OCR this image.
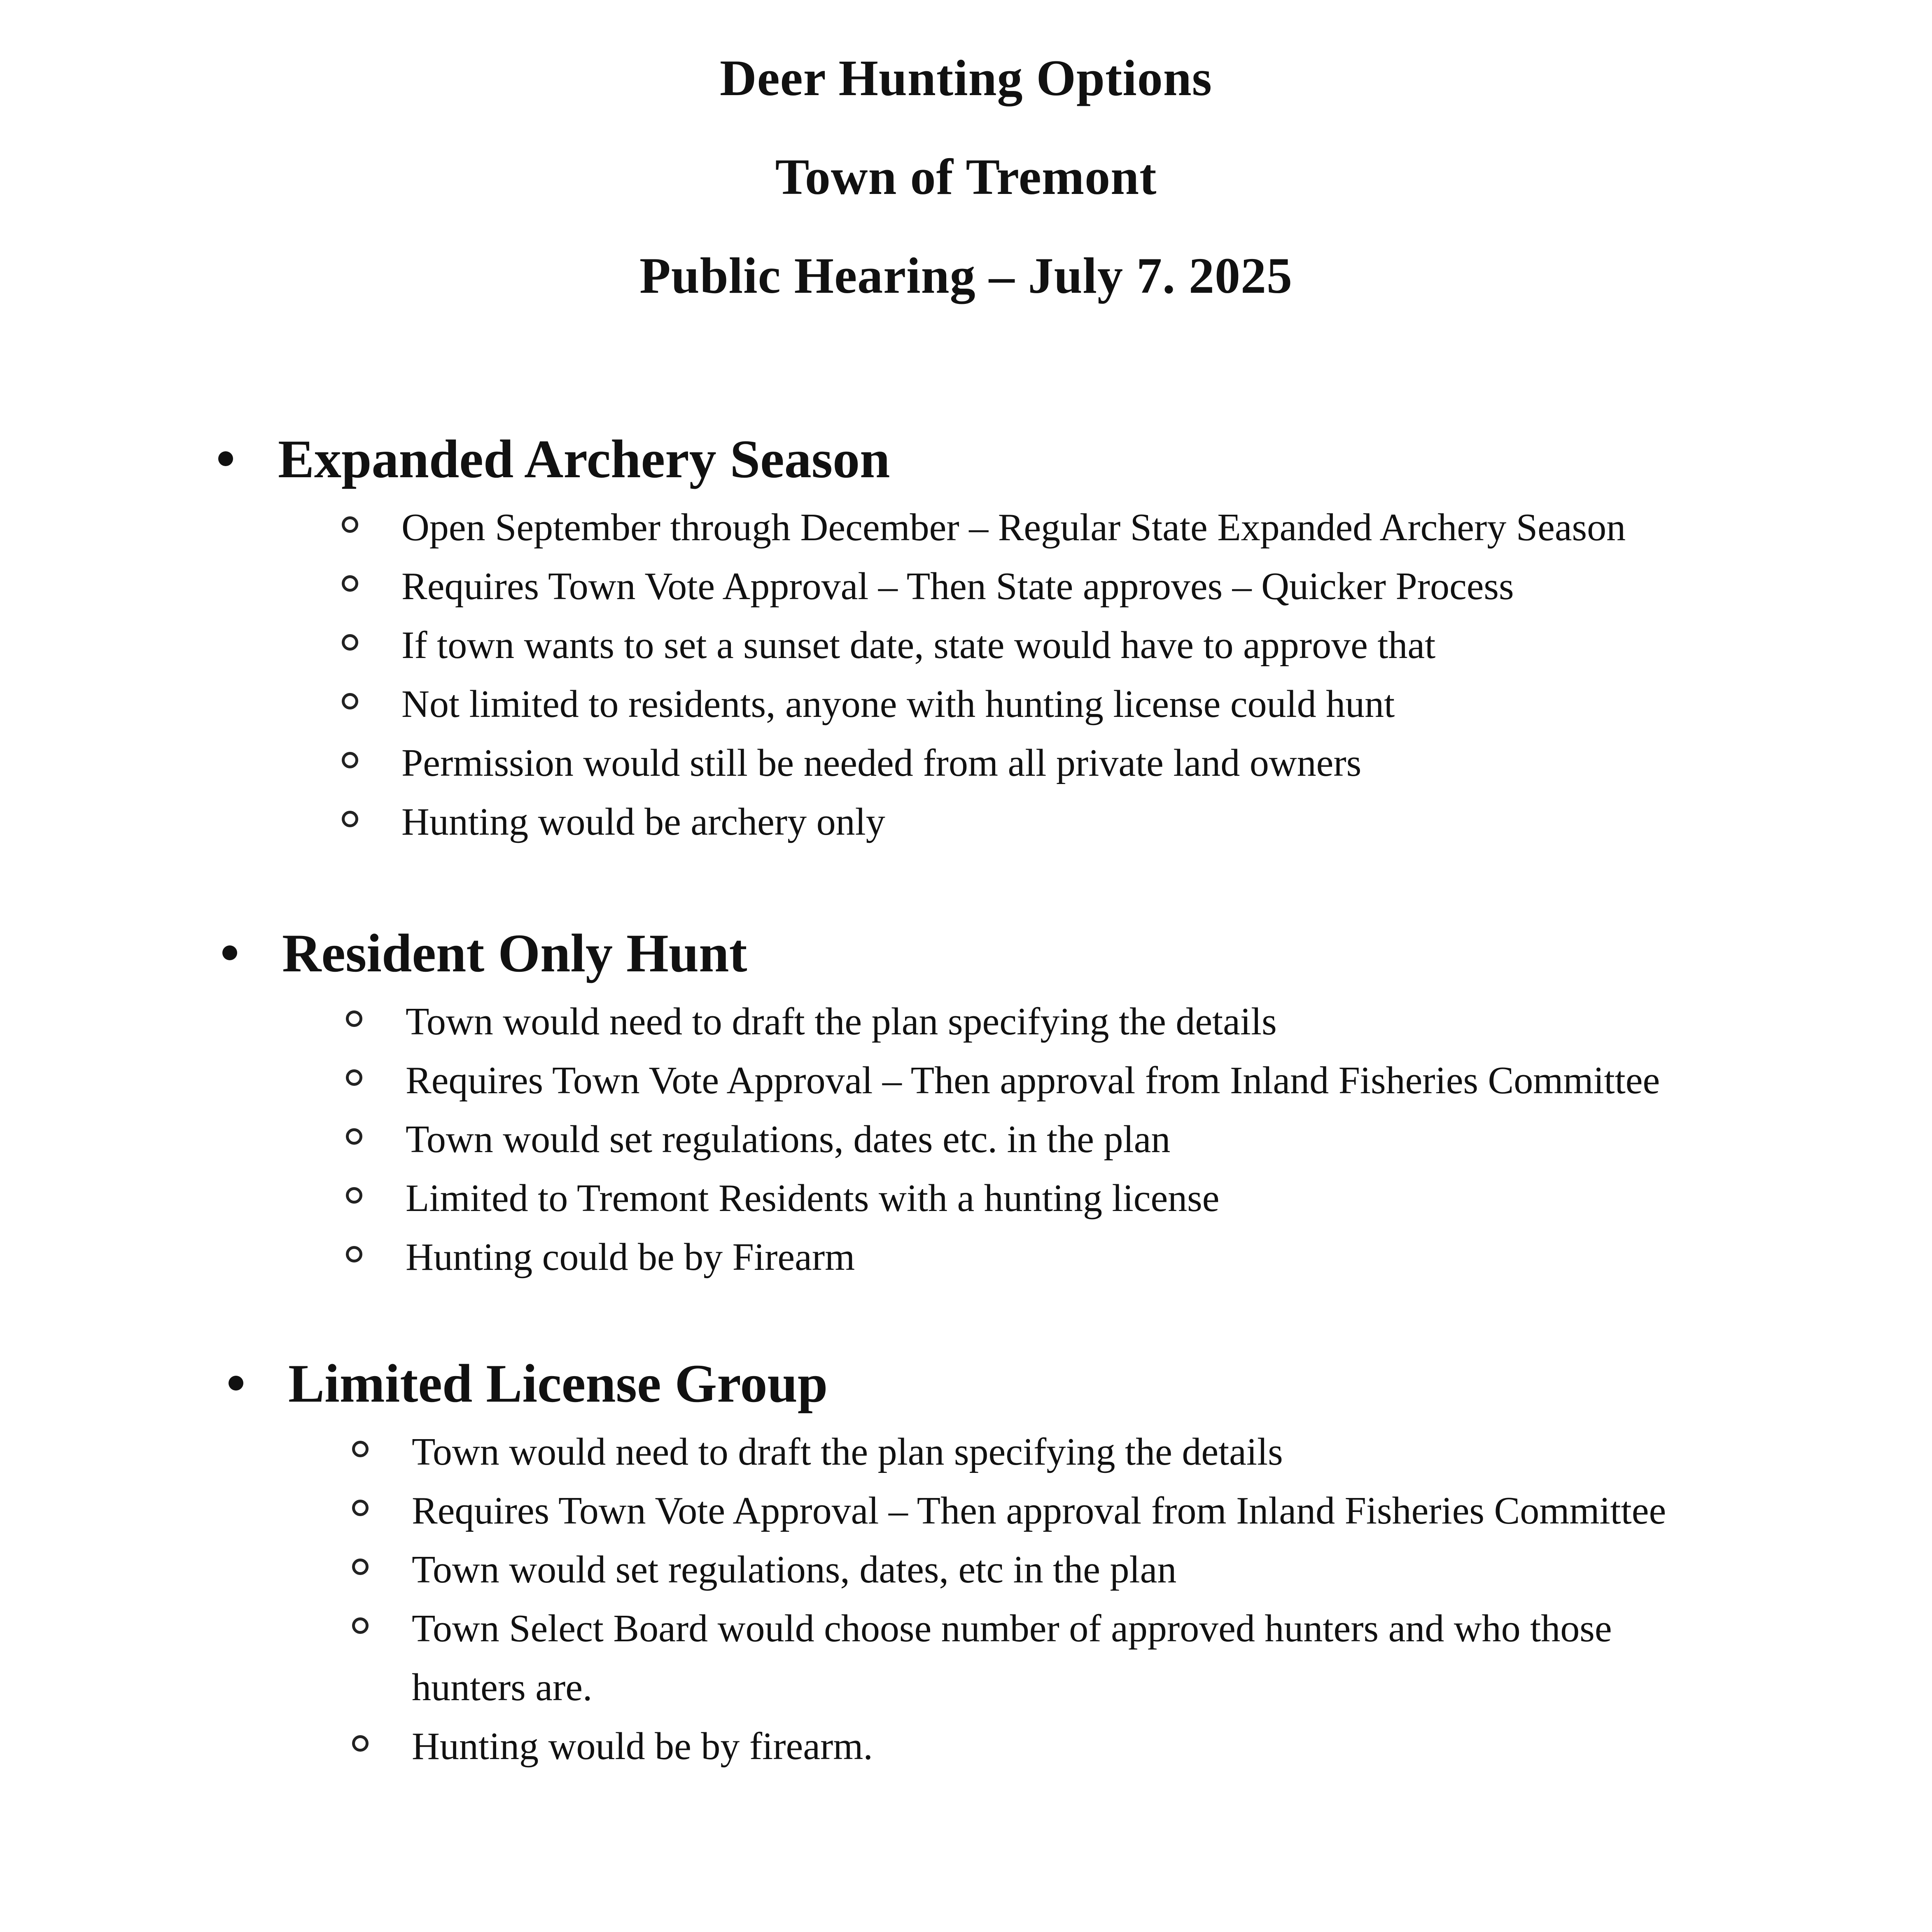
Deer Hunting Options
Town of Tremont
Public Hearing – July 7. 2025
Expanded Archery Season
Open September through December – Regular State Expanded Archery Season
Requires Town Vote Approval – Then State approves – Quicker Process
If town wants to set a sunset date, state would have to approve that
Not limited to residents, anyone with hunting license could hunt
Permission would still be needed from all private land owners
Hunting would be archery only
Resident Only Hunt
Town would need to draft the plan specifying the details
Requires Town Vote Approval – Then approval from Inland Fisheries Committee
Town would set regulations, dates etc. in the plan
Limited to Tremont Residents with a hunting license
Hunting could be by Firearm
Limited License Group
Town would need to draft the plan specifying the details
Requires Town Vote Approval – Then approval from Inland Fisheries Committee
Town would set regulations, dates, etc in the plan
Town Select Board would choose number of approved hunters and who those hunters are.
Hunting would be by firearm.
